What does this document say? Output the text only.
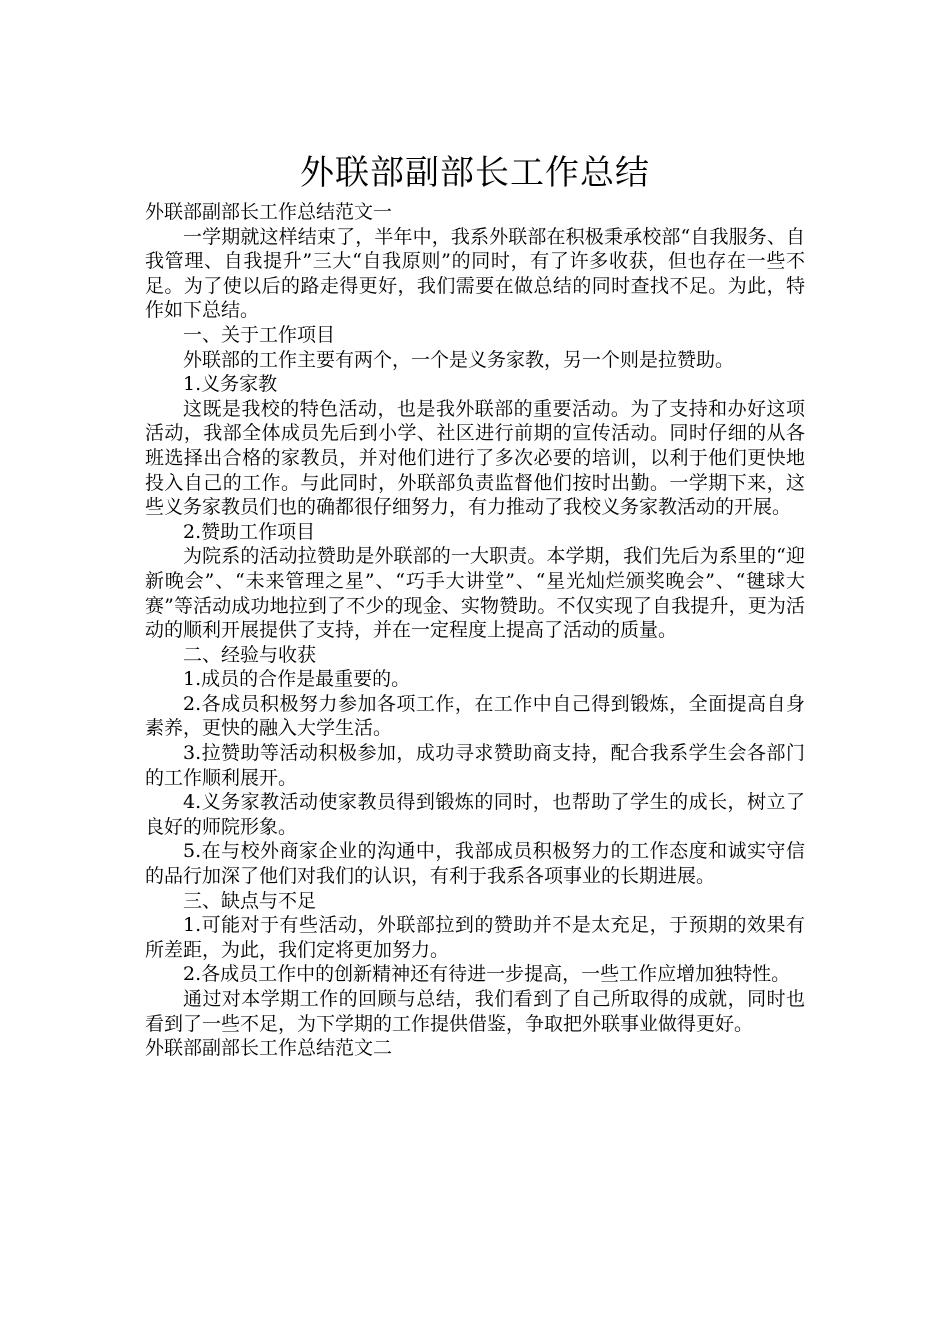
外联部副部长工作总结

外联部副部长工作总结范文一

一学期就这样结束了，半年中，我系外联部在积极秉承校部“自我服务、自我管理、自我提升”三大“自我原则”的同时，有了许多收获，但也存在一些不足。为了使以后的路走得更好，我们需要在做总结的同时查找不足。为此，特作如下总结。

一、关于工作项目

外联部的工作主要有两个，一个是义务家教，另一个则是拉赞助。

1.义务家教

这既是我校的特色活动，也是我外联部的重要活动。为了支持和办好这项活动，我部全体成员先后到小学、社区进行前期的宣传活动。同时仔细的从各班选择出合格的家教员，并对他们进行了多次必要的培训，以利于他们更快地投入自己的工作。与此同时，外联部负责监督他们按时出勤。一学期下来，这些义务家教员们也的确都很仔细努力，有力推动了我校义务家教活动的开展。

2.赞助工作项目

为院系的活动拉赞助是外联部的一大职责。本学期，我们先后为系里的“迎新晚会”、“未来管理之星”、“巧手大讲堂”、“星光灿烂颁奖晚会”、“毽球大赛”等活动成功地拉到了不少的现金、实物赞助。不仅实现了自我提升，更为活动的顺利开展提供了支持，并在一定程度上提高了活动的质量。

二、经验与收获

1.成员的合作是最重要的。

2.各成员积极努力参加各项工作，在工作中自己得到锻炼，全面提高自身素养，更快的融入大学生活。

3.拉赞助等活动积极参加，成功寻求赞助商支持，配合我系学生会各部门的工作顺利展开。

4.义务家教活动使家教员得到锻炼的同时，也帮助了学生的成长，树立了良好的师院形象。

5.在与校外商家企业的沟通中，我部成员积极努力的工作态度和诚实守信的品行加深了他们对我们的认识，有利于我系各项事业的长期进展。

三、缺点与不足

1.可能对于有些活动，外联部拉到的赞助并不是太充足，于预期的效果有所差距，为此，我们定将更加努力。

2.各成员工作中的创新精神还有待进一步提高，一些工作应增加独特性。

通过对本学期工作的回顾与总结，我们看到了自己所取得的成就，同时也看到了一些不足，为下学期的工作提供借鉴，争取把外联事业做得更好。

外联部副部长工作总结范文二
